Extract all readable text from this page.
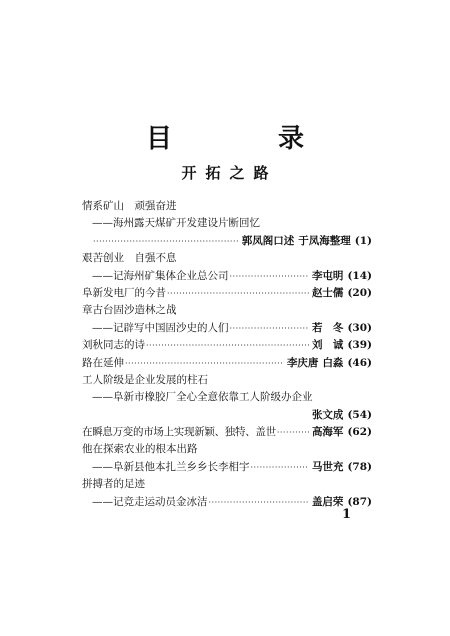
目　录
开拓之路
情系矿山　顽强奋进
——海州露天煤矿开发建设片断回忆
·····
郭凤阁口述 于凤海整理 (1)
艰苦创业　自强不息
——记海州矿集体企业总公司 ·····	李屯明 (14)
阜新发电厂的今昔 ·····	赵士儒 (20)
章古台固沙造林之战
——记辟写中国固沙史的人们 ·····	若　冬 (30)
刘秋同志的诗 ·····	刘　诚 (39)
路在延伸 ·····	李庆唐 白淼 (46)
工人阶级是企业发展的柱石
——阜新市橡胶厂全心全意依靠工人阶级办企业
张文成 (54)
在瞬息万变的市场上实现新颖、独特、盖世 ·····	高海军 (62)
他在探索农业的根本出路
——阜新县他本扎兰乡乡长李相宇 ·····	马世充 (78)
拼搏者的足迹
——记竞走运动员金冰洁 ·····	盖启荣 (87)
1
